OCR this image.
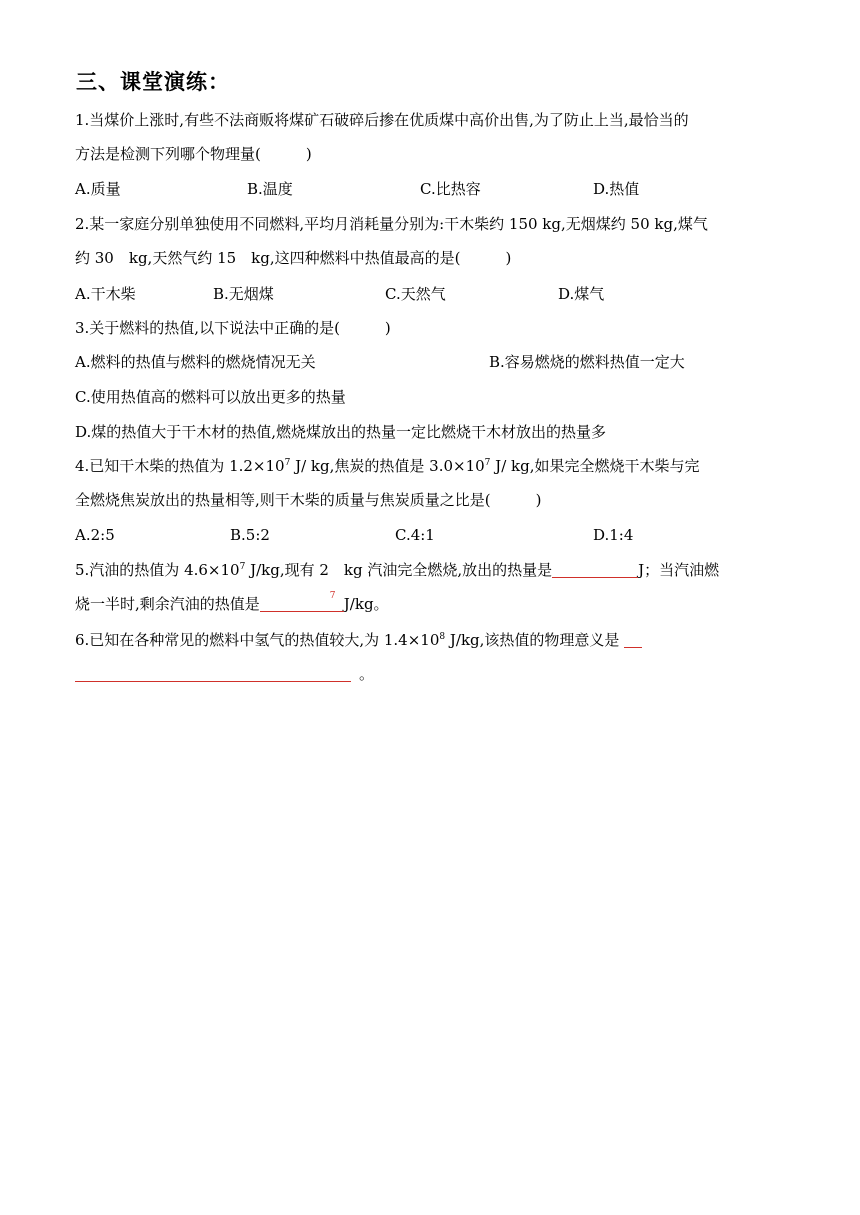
三、课堂演练：
1.当煤价上涨时,有些不法商贩将煤矿石破碎后掺在优质煤中高价出售,为了防止上当,最恰当的
方法是检测下列哪个物理量(　　　)
A.质量	B.温度	C.比热容	D.热值
2.某一家庭分别单独使用不同燃料,平均月消耗量分别为:干木柴约 150 kg,无烟煤约 50 kg,煤气
约 30　kg,天然气约 15　kg,这四种燃料中热值最高的是(　　　)
A.干木柴	B.无烟煤	C.天然气	D.煤气
3.关于燃料的热值,以下说法中正确的是(　　　)
A.燃料的热值与燃料的燃烧情况无关	B.容易燃烧的燃料热值一定大
C.使用热值高的燃料可以放出更多的热量
D.煤的热值大于干木材的热值,燃烧煤放出的热量一定比燃烧干木材放出的热量多
4.已知干木柴的热值为 $1.2\times 10^7$ J/ kg,焦炭的热值是 $3.0\times 10^7$ J/ kg,如果完全燃烧干木柴与完
全燃烧焦炭放出的热量相等,则干木柴的质量与焦炭质量之比是(　　　)
A.2:5	B.5:2	C.4:1	D.1:4
5.汽油的热值为 $4.6\times 10^7$ J/kg,现有 2　kg 汽油完全燃烧,放出的热量是	J；当汽油燃
烧一半时,剩余汽油的热值是	7 J/kg。
6.已知在各种常见的燃料中氢气的热值较大,为 $1.4\times 10^8$ J/kg,该热值的物理意义是
。
